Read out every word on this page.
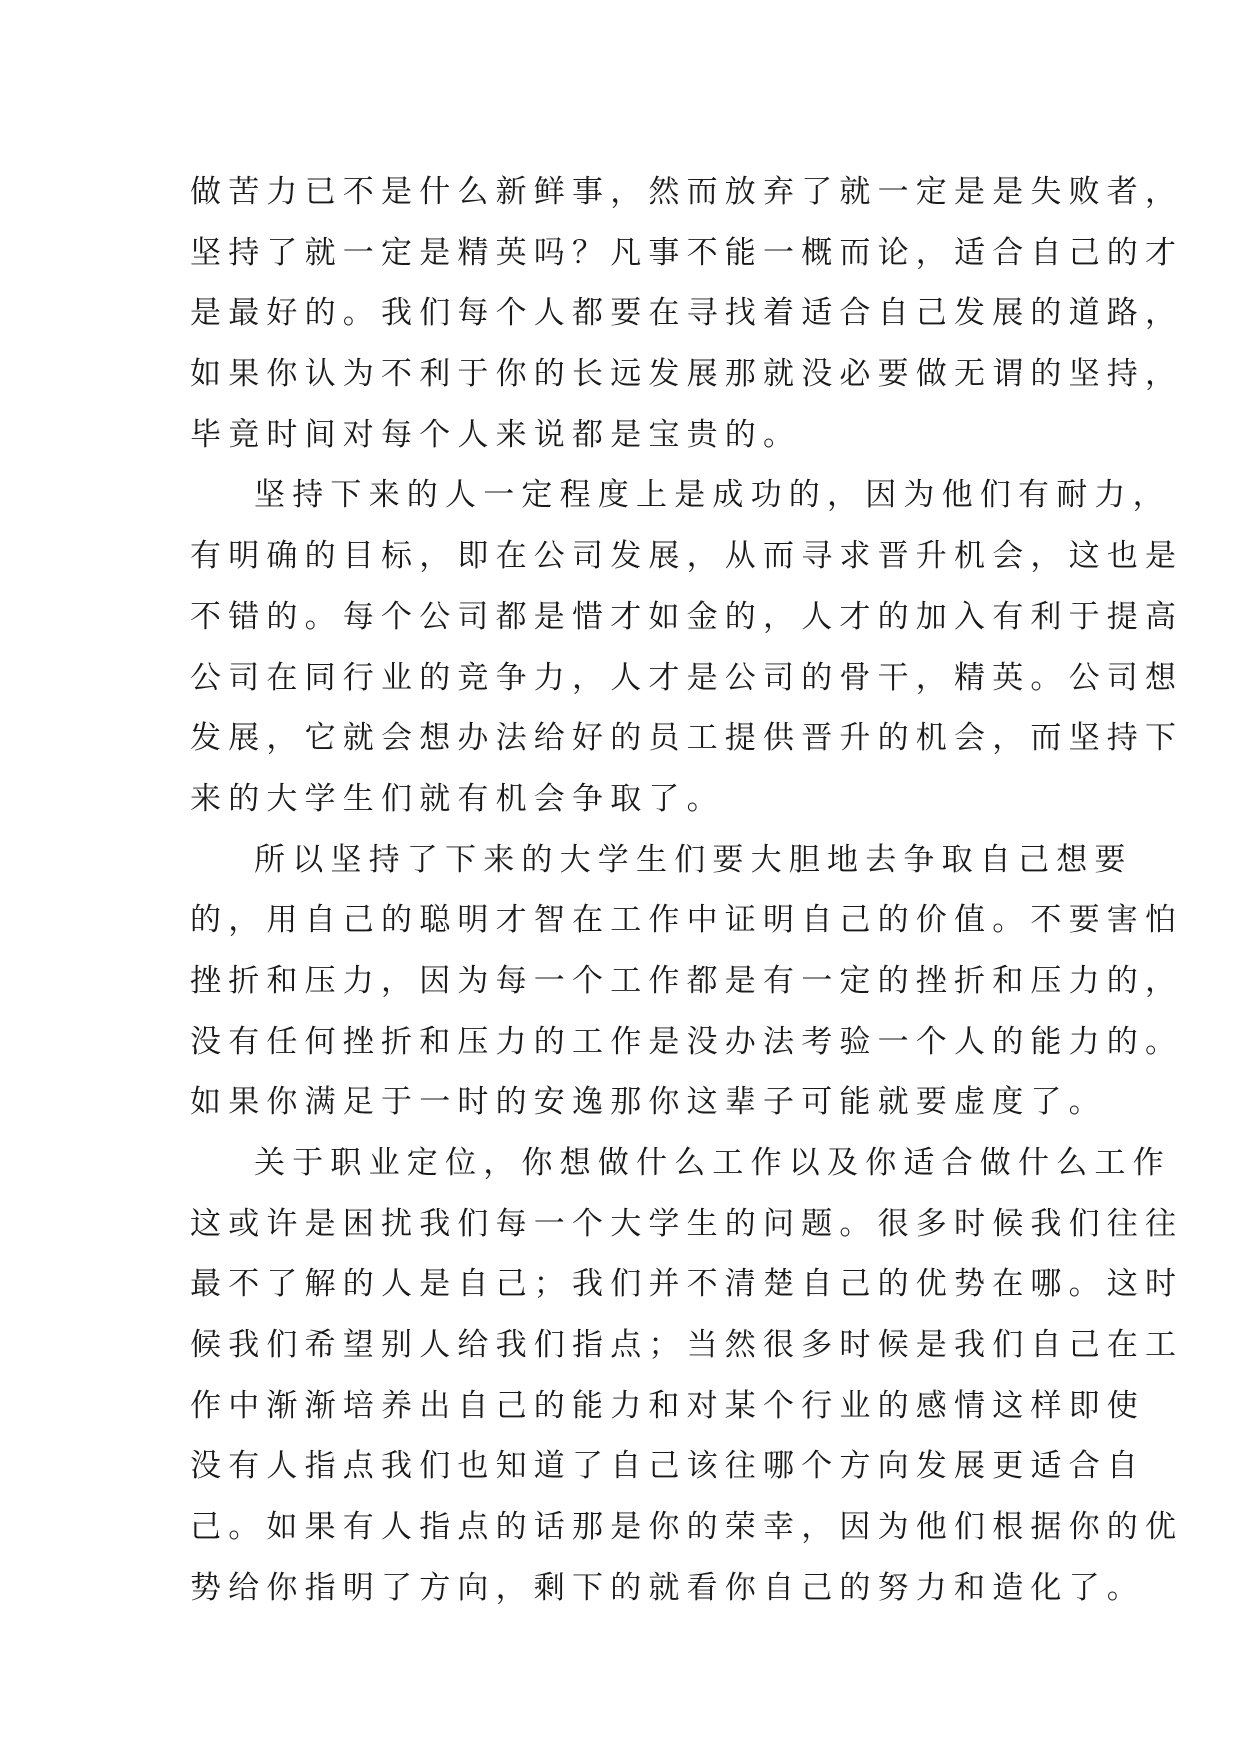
做苦力已不是什么新鲜事，然而放弃了就一定是是失败者，
坚持了就一定是精英吗？凡事不能一概而论，适合自己的才
是最好的。我们每个人都要在寻找着适合自己发展的道路，
如果你认为不利于你的长远发展那就没必要做无谓的坚持，
毕竟时间对每个人来说都是宝贵的。
坚持下来的人一定程度上是成功的，因为他们有耐力，
有明确的目标，即在公司发展，从而寻求晋升机会，这也是
不错的。每个公司都是惜才如金的，人才的加入有利于提高
公司在同行业的竞争力，人才是公司的骨干，精英。公司想
发展，它就会想办法给好的员工提供晋升的机会，而坚持下
来的大学生们就有机会争取了。
所以坚持了下来的大学生们要大胆地去争取自己想要
的，用自己的聪明才智在工作中证明自己的价值。不要害怕
挫折和压力，因为每一个工作都是有一定的挫折和压力的，
没有任何挫折和压力的工作是没办法考验一个人的能力的。
如果你满足于一时的安逸那你这辈子可能就要虚度了。
关于职业定位，你想做什么工作以及你适合做什么工作
这或许是困扰我们每一个大学生的问题。很多时候我们往往
最不了解的人是自己；我们并不清楚自己的优势在哪。这时
候我们希望别人给我们指点；当然很多时候是我们自己在工
作中渐渐培养出自己的能力和对某个行业的感情这样即使
没有人指点我们也知道了自己该往哪个方向发展更适合自
己。如果有人指点的话那是你的荣幸，因为他们根据你的优
势给你指明了方向，剩下的就看你自己的努力和造化了。
